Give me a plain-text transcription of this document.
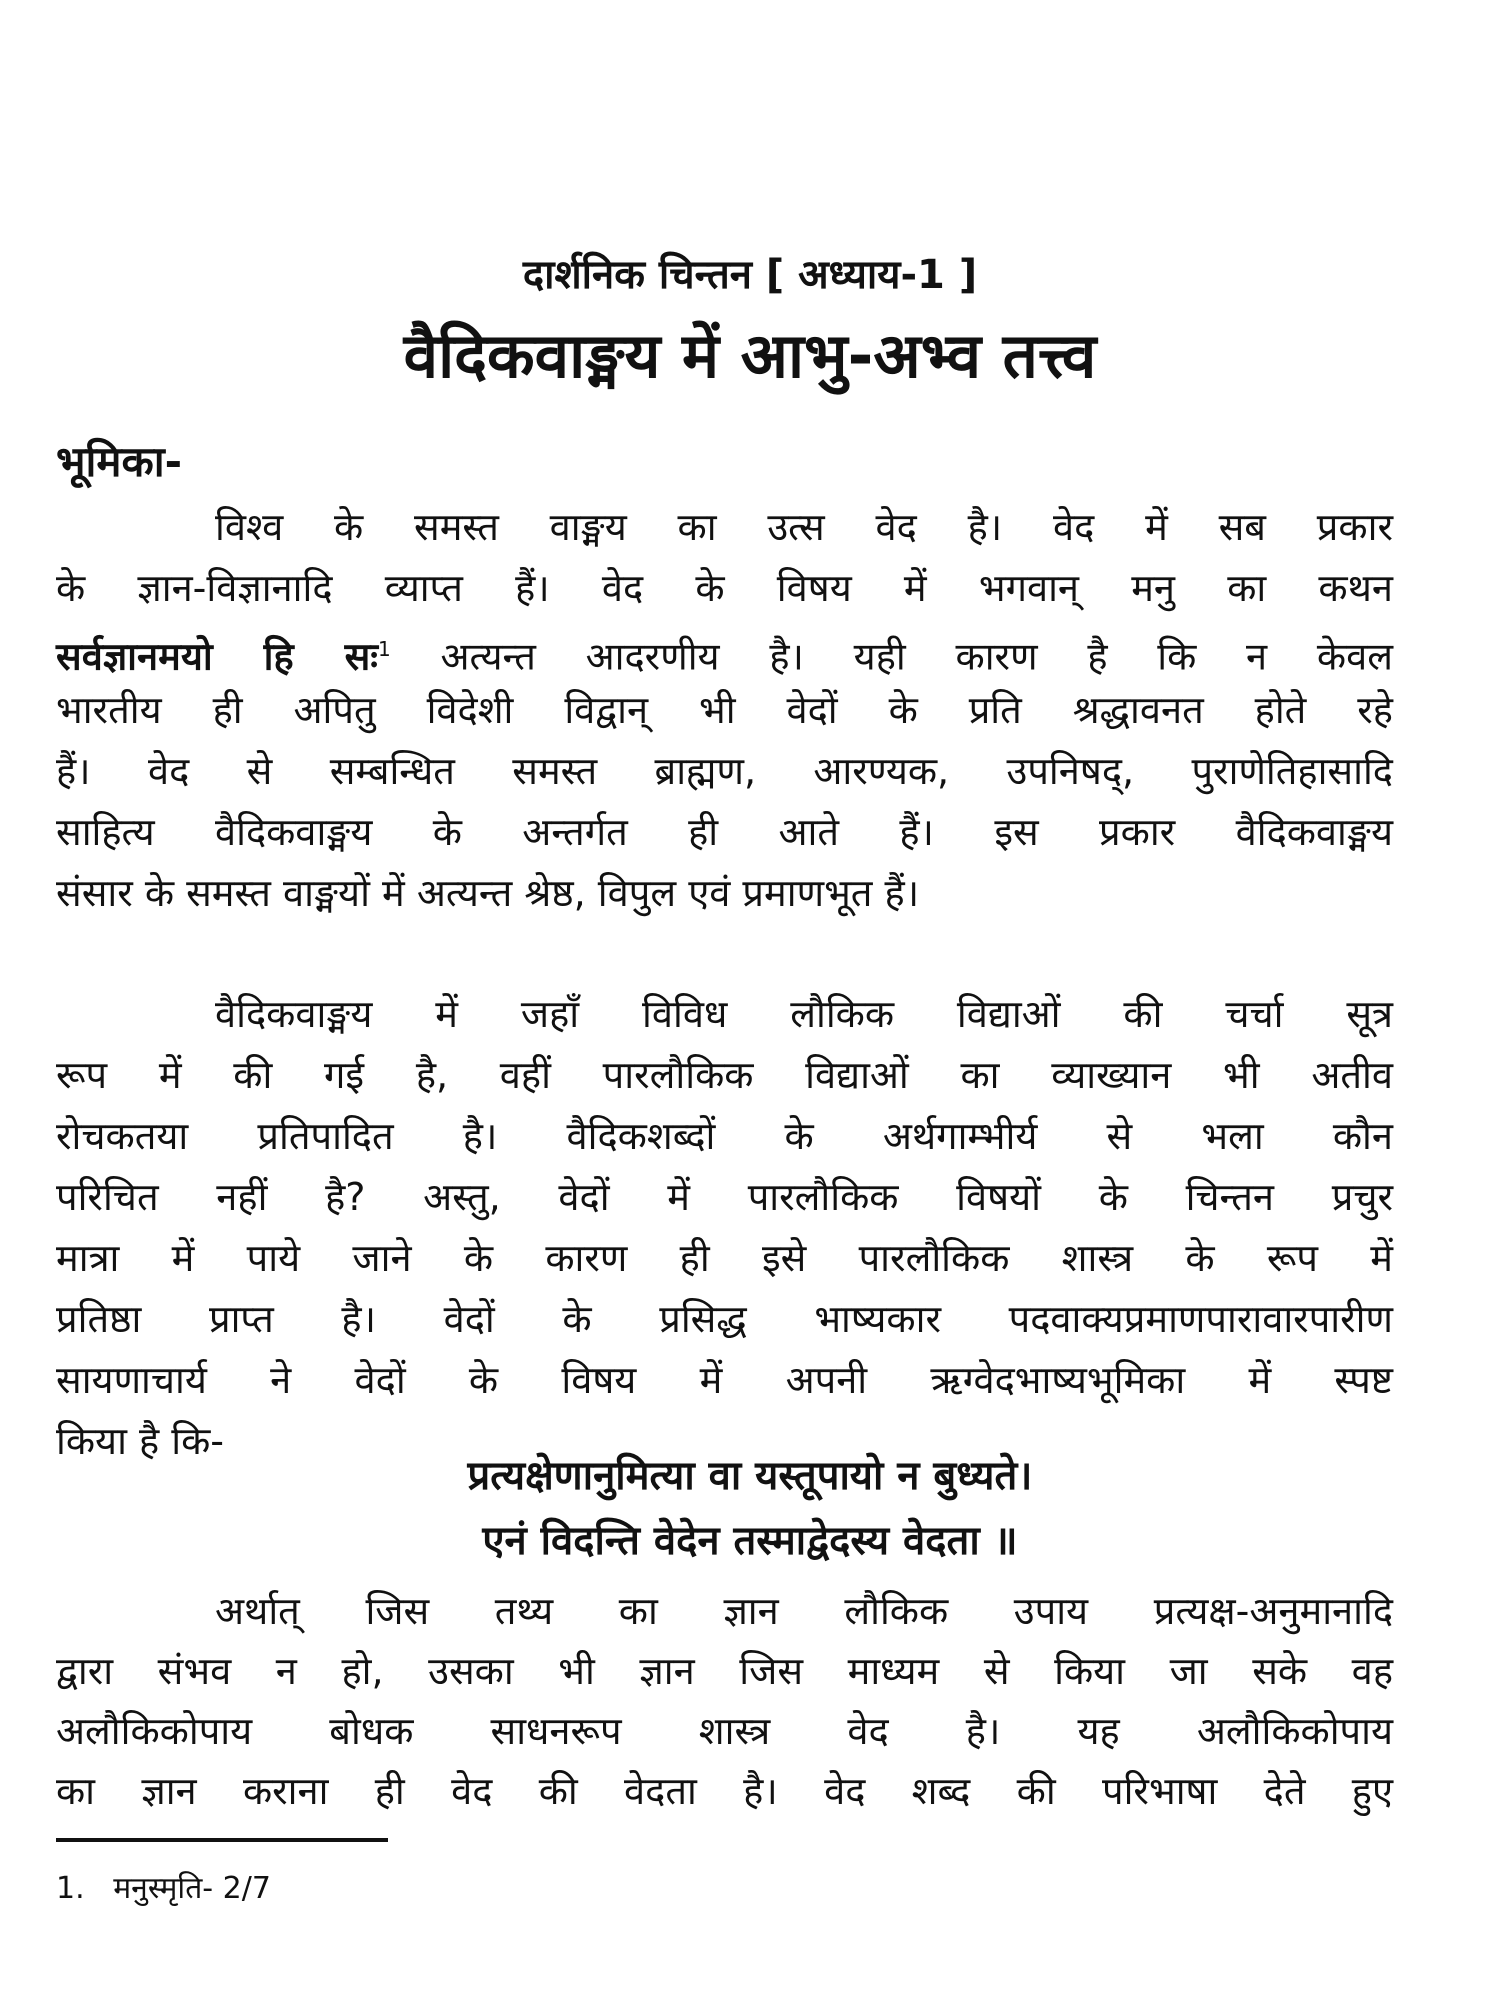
दार्शनिक चिन्तन [ अध्याय-1 ]
वैदिकवाङ्मय में आभु-अभ्व तत्त्व
भूमिका-
विश्व के समस्त वाङ्मय का उत्स वेद है। वेद में सब प्रकार
के ज्ञान-विज्ञानादि व्याप्त हैं। वेद के विषय में भगवान् मनु का कथन
सर्वज्ञानमयो हि सः$^1$ अत्यन्त आदरणीय है। यही कारण है कि न केवल
भारतीय ही अपितु विदेशी विद्वान् भी वेदों के प्रति श्रद्धावनत होते रहे
हैं। वेद से सम्बन्धित समस्त ब्राह्मण, आरण्यक, उपनिषद्, पुराणेतिहासादि
साहित्य वैदिकवाङ्मय के अन्तर्गत ही आते हैं। इस प्रकार वैदिकवाङ्मय
संसार के समस्त वाङ्मयों में अत्यन्त श्रेष्ठ, विपुल एवं प्रमाणभूत हैं।
वैदिकवाङ्मय में जहाँ विविध लौकिक विद्याओं की चर्चा सूत्र
रूप में की गई है, वहीं पारलौकिक विद्याओं का व्याख्यान भी अतीव
रोचकतया प्रतिपादित है। वैदिकशब्दों के अर्थगाम्भीर्य से भला कौन
परिचित नहीं है? अस्तु, वेदों में पारलौकिक विषयों के चिन्तन प्रचुर
मात्रा में पाये जाने के कारण ही इसे पारलौकिक शास्त्र के रूप में
प्रतिष्ठा प्राप्त है। वेदों के प्रसिद्ध भाष्यकार पदवाक्यप्रमाणपारावारपारीण
सायणाचार्य ने वेदों के विषय में अपनी ऋग्वेदभाष्यभूमिका में स्पष्ट
किया है कि-
प्रत्यक्षेणानुमित्या वा यस्तूपायो न बुध्यते।
एनं विदन्ति वेदेन तस्माद्वेदस्य वेदता ॥
अर्थात् जिस तथ्य का ज्ञान लौकिक उपाय प्रत्यक्ष-अनुमानादि
द्वारा संभव न हो, उसका भी ज्ञान जिस माध्यम से किया जा सके वह
अलौकिकोपाय बोधक साधनरूप शास्त्र वेद है। यह अलौकिकोपाय
का ज्ञान कराना ही वेद की वेदता है। वेद शब्द की परिभाषा देते हुए
1. मनुस्मृति- 2/7
